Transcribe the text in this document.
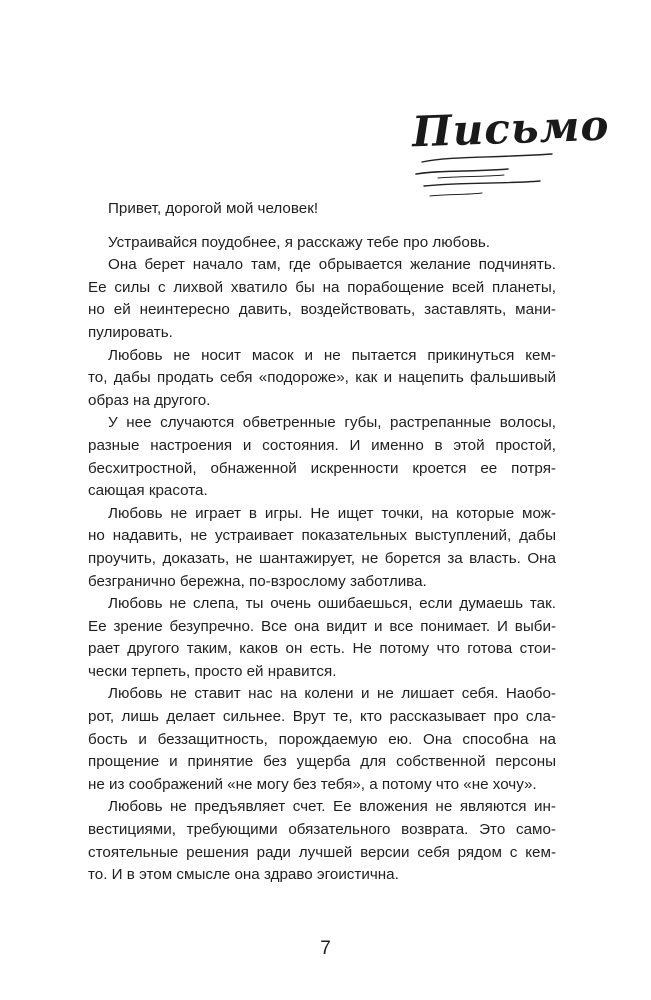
Письмо
Привет, дорогой мой человек!
Устраивайся поудобнее, я расскажу тебе про любовь.
Она берет начало там, где обрывается желание подчинять.
Ее силы с лихвой хватило бы на порабощение всей планеты,
но ей неинтересно давить, воздействовать, заставлять, мани-
пулировать.
Любовь не носит масок и не пытается прикинуться кем-
то, дабы продать себя «подороже», как и нацепить фальшивый
образ на другого.
У нее случаются обветренные губы, растрепанные волосы,
разные настроения и состояния. И именно в этой простой,
бесхитростной, обнаженной искренности кроется ее потря-
сающая красота.
Любовь не играет в игры. Не ищет точки, на которые мож-
но надавить, не устраивает показательных выступлений, дабы
проучить, доказать, не шантажирует, не борется за власть. Она
безгранично бережна, по-взрослому заботлива.
Любовь не слепа, ты очень ошибаешься, если думаешь так.
Ее зрение безупречно. Все она видит и все понимает. И выби-
рает другого таким, каков он есть. Не потому что готова стои-
чески терпеть, просто ей нравится.
Любовь не ставит нас на колени и не лишает себя. Наобо-
рот, лишь делает сильнее. Врут те, кто рассказывает про сла-
бость и беззащитность, порождаемую ею. Она способна на
прощение и принятие без ущерба для собственной персоны
не из соображений «не могу без тебя», а потому что «не хочу».
Любовь не предъявляет счет. Ее вложения не являются ин-
вестициями, требующими обязательного возврата. Это само-
стоятельные решения ради лучшей версии себя рядом с кем-
то. И в этом смысле она здраво эгоистична.
7
